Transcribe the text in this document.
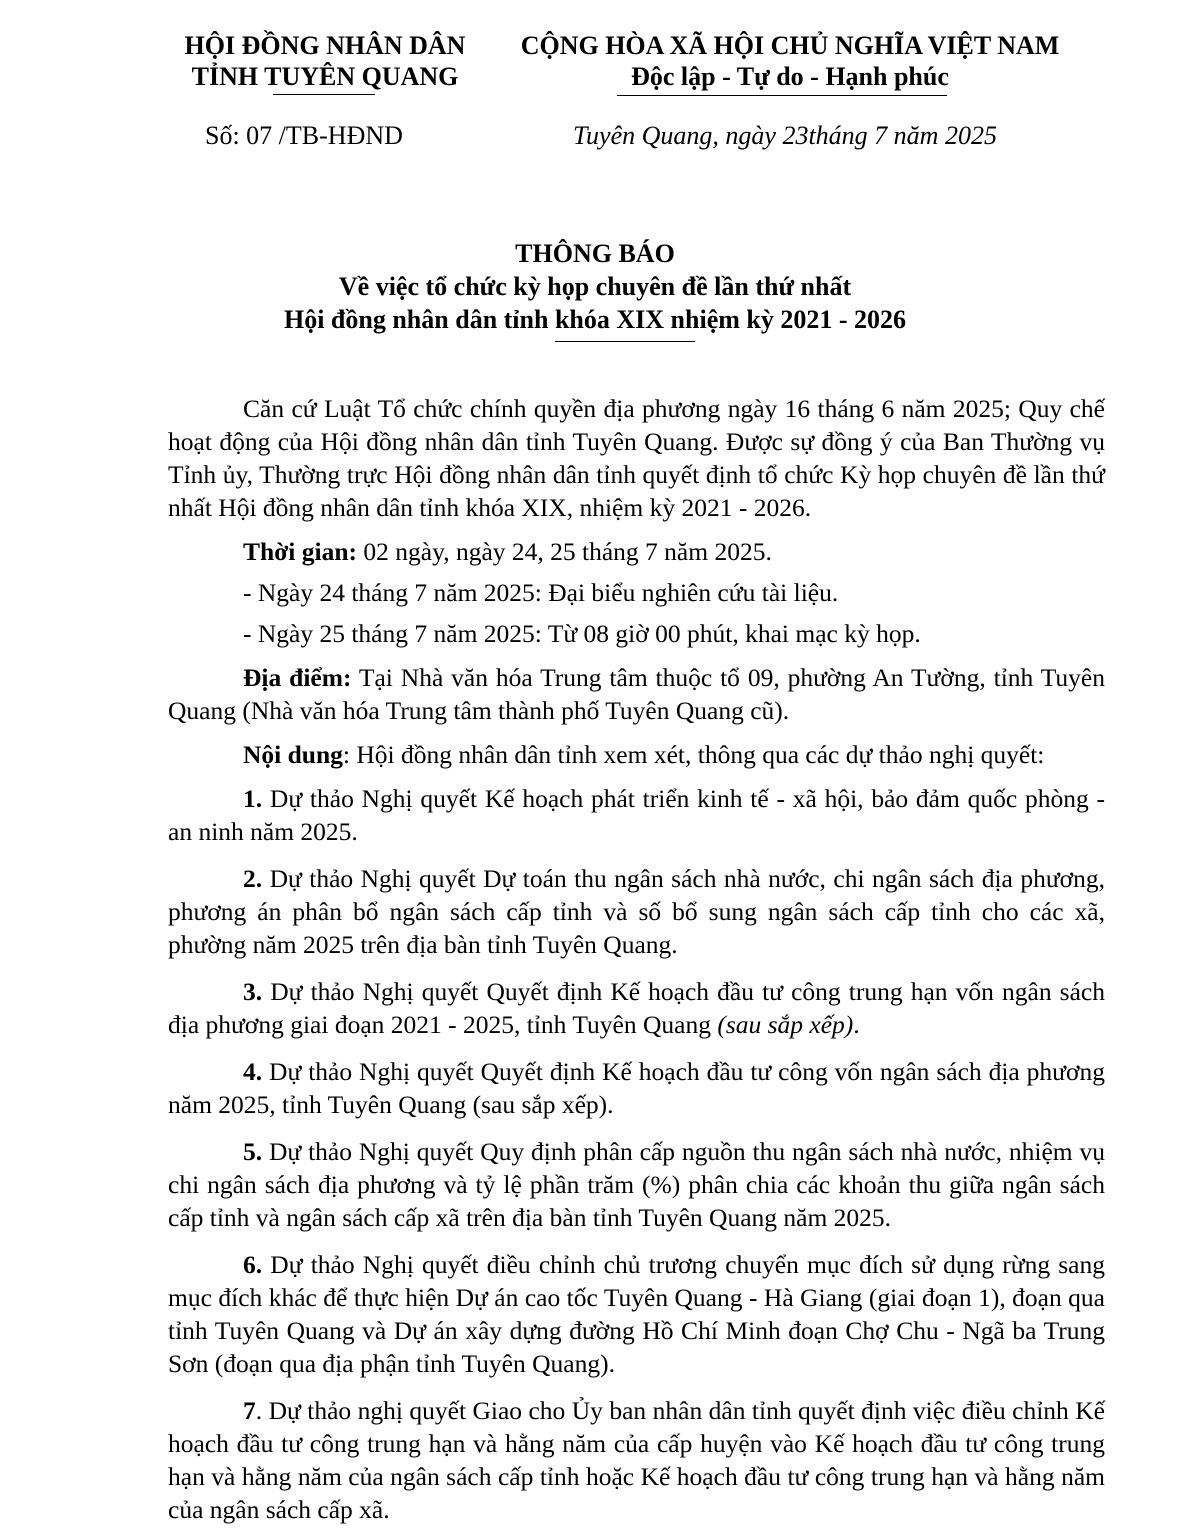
HỘI ĐỒNG NHÂN DÂN
TỈNH TUYÊN QUANG
CỘNG HÒA XÃ HỘI CHỦ NGHĨA VIỆT NAM
Độc lập - Tự do - Hạnh phúc
Số: 07 /TB-HĐND	Tuyên Quang, ngày 23tháng 7 năm 2025
THÔNG BÁO
Về việc tổ chức kỳ họp chuyên đề lần thứ nhất
Hội đồng nhân dân tỉnh khóa XIX nhiệm kỳ 2021 - 2026

Căn cứ Luật Tổ chức chính quyền địa phương ngày 16 tháng 6 năm 2025; Quy chế hoạt động của Hội đồng nhân dân tỉnh Tuyên Quang. Được sự đồng ý của Ban Thường vụ Tỉnh ủy, Thường trực Hội đồng nhân dân tỉnh quyết định tổ chức Kỳ họp chuyên đề lần thứ nhất Hội đồng nhân dân tỉnh khóa XIX, nhiệm kỳ 2021 - 2026.

Thời gian: 02 ngày, ngày 24, 25 tháng 7 năm 2025.

- Ngày 24 tháng 7 năm 2025: Đại biểu nghiên cứu tài liệu.

- Ngày 25 tháng 7 năm 2025: Từ 08 giờ 00 phút, khai mạc kỳ họp.

Địa điểm: Tại Nhà văn hóa Trung tâm thuộc tổ 09, phường An Tường, tỉnh Tuyên Quang (Nhà văn hóa Trung tâm thành phố Tuyên Quang cũ).

Nội dung: Hội đồng nhân dân tỉnh xem xét, thông qua các dự thảo nghị quyết:

1. Dự thảo Nghị quyết Kế hoạch phát triển kinh tế - xã hội, bảo đảm quốc phòng - an ninh năm 2025.

2. Dự thảo Nghị quyết Dự toán thu ngân sách nhà nước, chi ngân sách địa phương, phương án phân bổ ngân sách cấp tỉnh và số bổ sung ngân sách cấp tỉnh cho các xã, phường năm 2025 trên địa bàn tỉnh Tuyên Quang.

3. Dự thảo Nghị quyết Quyết định Kế hoạch đầu tư công trung hạn vốn ngân sách địa phương giai đoạn 2021 - 2025, tỉnh Tuyên Quang (sau sắp xếp).

4. Dự thảo Nghị quyết Quyết định Kế hoạch đầu tư công vốn ngân sách địa phương năm 2025, tỉnh Tuyên Quang (sau sắp xếp).

5. Dự thảo Nghị quyết Quy định phân cấp nguồn thu ngân sách nhà nước, nhiệm vụ chi ngân sách địa phương và tỷ lệ phần trăm (%) phân chia các khoản thu giữa ngân sách cấp tỉnh và ngân sách cấp xã trên địa bàn tỉnh Tuyên Quang năm 2025.

6. Dự thảo Nghị quyết điều chỉnh chủ trương chuyển mục đích sử dụng rừng sang mục đích khác để thực hiện Dự án cao tốc Tuyên Quang - Hà Giang (giai đoạn 1), đoạn qua tỉnh Tuyên Quang và Dự án xây dựng đường Hồ Chí Minh đoạn Chợ Chu - Ngã ba Trung Sơn (đoạn qua địa phận tỉnh Tuyên Quang).

7. Dự thảo nghị quyết Giao cho Ủy ban nhân dân tỉnh quyết định việc điều chỉnh Kế hoạch đầu tư công trung hạn và hằng năm của cấp huyện vào Kế hoạch đầu tư công trung hạn và hằng năm của ngân sách cấp tỉnh hoặc Kế hoạch đầu tư công trung hạn và hằng năm của ngân sách cấp xã.
